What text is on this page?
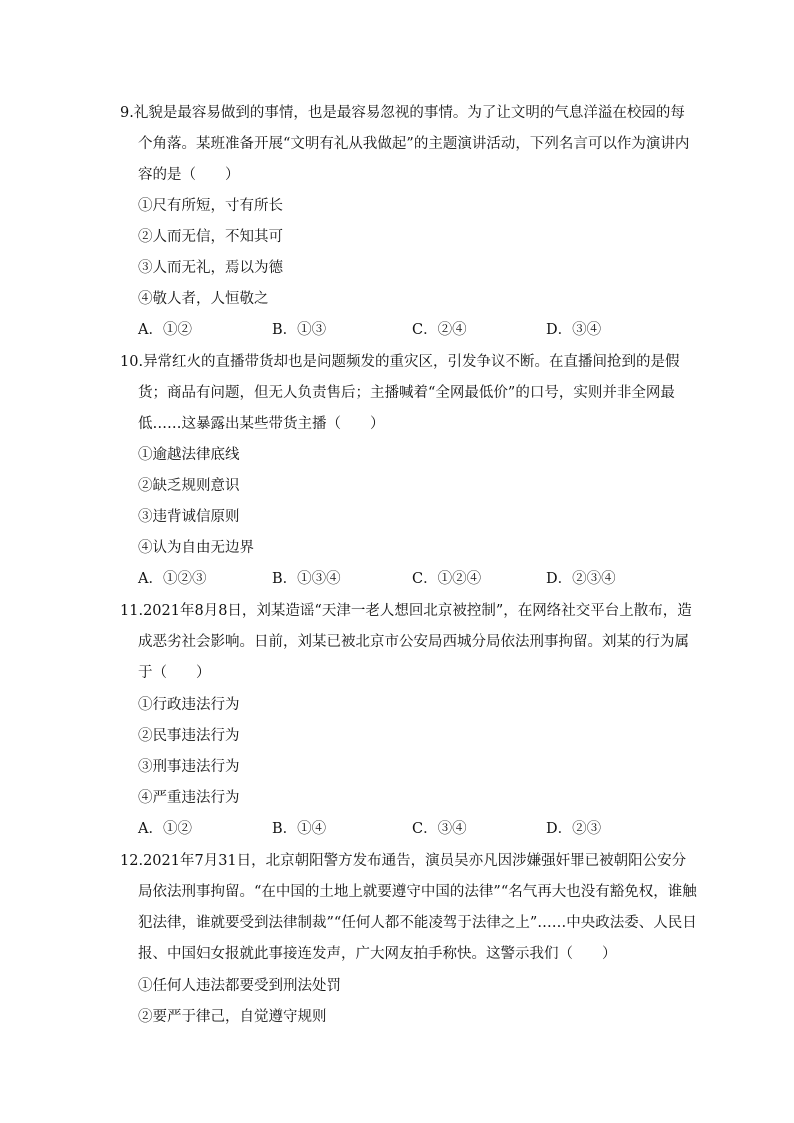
9.礼貌是最容易做到的事情，也是最容易忽视的事情。为了让文明的气息洋溢在校园的每个角落。某班准备开展“文明有礼从我做起”的主题演讲活动，下列名言可以作为演讲内容的是（　　）
①尺有所短，寸有所长
②人而无信，不知其可
③人而无礼，焉以为德
④敬人者，人恒敬之
A．①②	B．①③	C．②④	D．③④
10.异常红火的直播带货却也是问题频发的重灾区，引发争议不断。在直播间抢到的是假货；商品有问题，但无人负责售后；主播喊着“全网最低价”的口号，实则并非全网最低……这暴露出某些带货主播（　　）
①逾越法律底线
②缺乏规则意识
③违背诚信原则
④认为自由无边界
A．①②③	B．①③④	C．①②④	D．②③④
11.2021年8月8日，刘某造谣“天津一老人想回北京被控制”，在网络社交平台上散布，造成恶劣社会影响。日前，刘某已被北京市公安局西城分局依法刑事拘留。刘某的行为属于（　　）
①行政违法行为
②民事违法行为
③刑事违法行为
④严重违法行为
A．①②	B．①④	C．③④	D．②③
12.2021年7月31日，北京朝阳警方发布通告，演员吴亦凡因涉嫌强奸罪已被朝阳公安分局依法刑事拘留。“在中国的土地上就要遵守中国的法律”“名气再大也没有豁免权，谁触犯法律，谁就要受到法律制裁”“任何人都不能凌驾于法律之上”……中央政法委、人民日报、中国妇女报就此事接连发声，广大网友拍手称快。这警示我们（　　）
①任何人违法都要受到刑法处罚
②要严于律己，自觉遵守规则
